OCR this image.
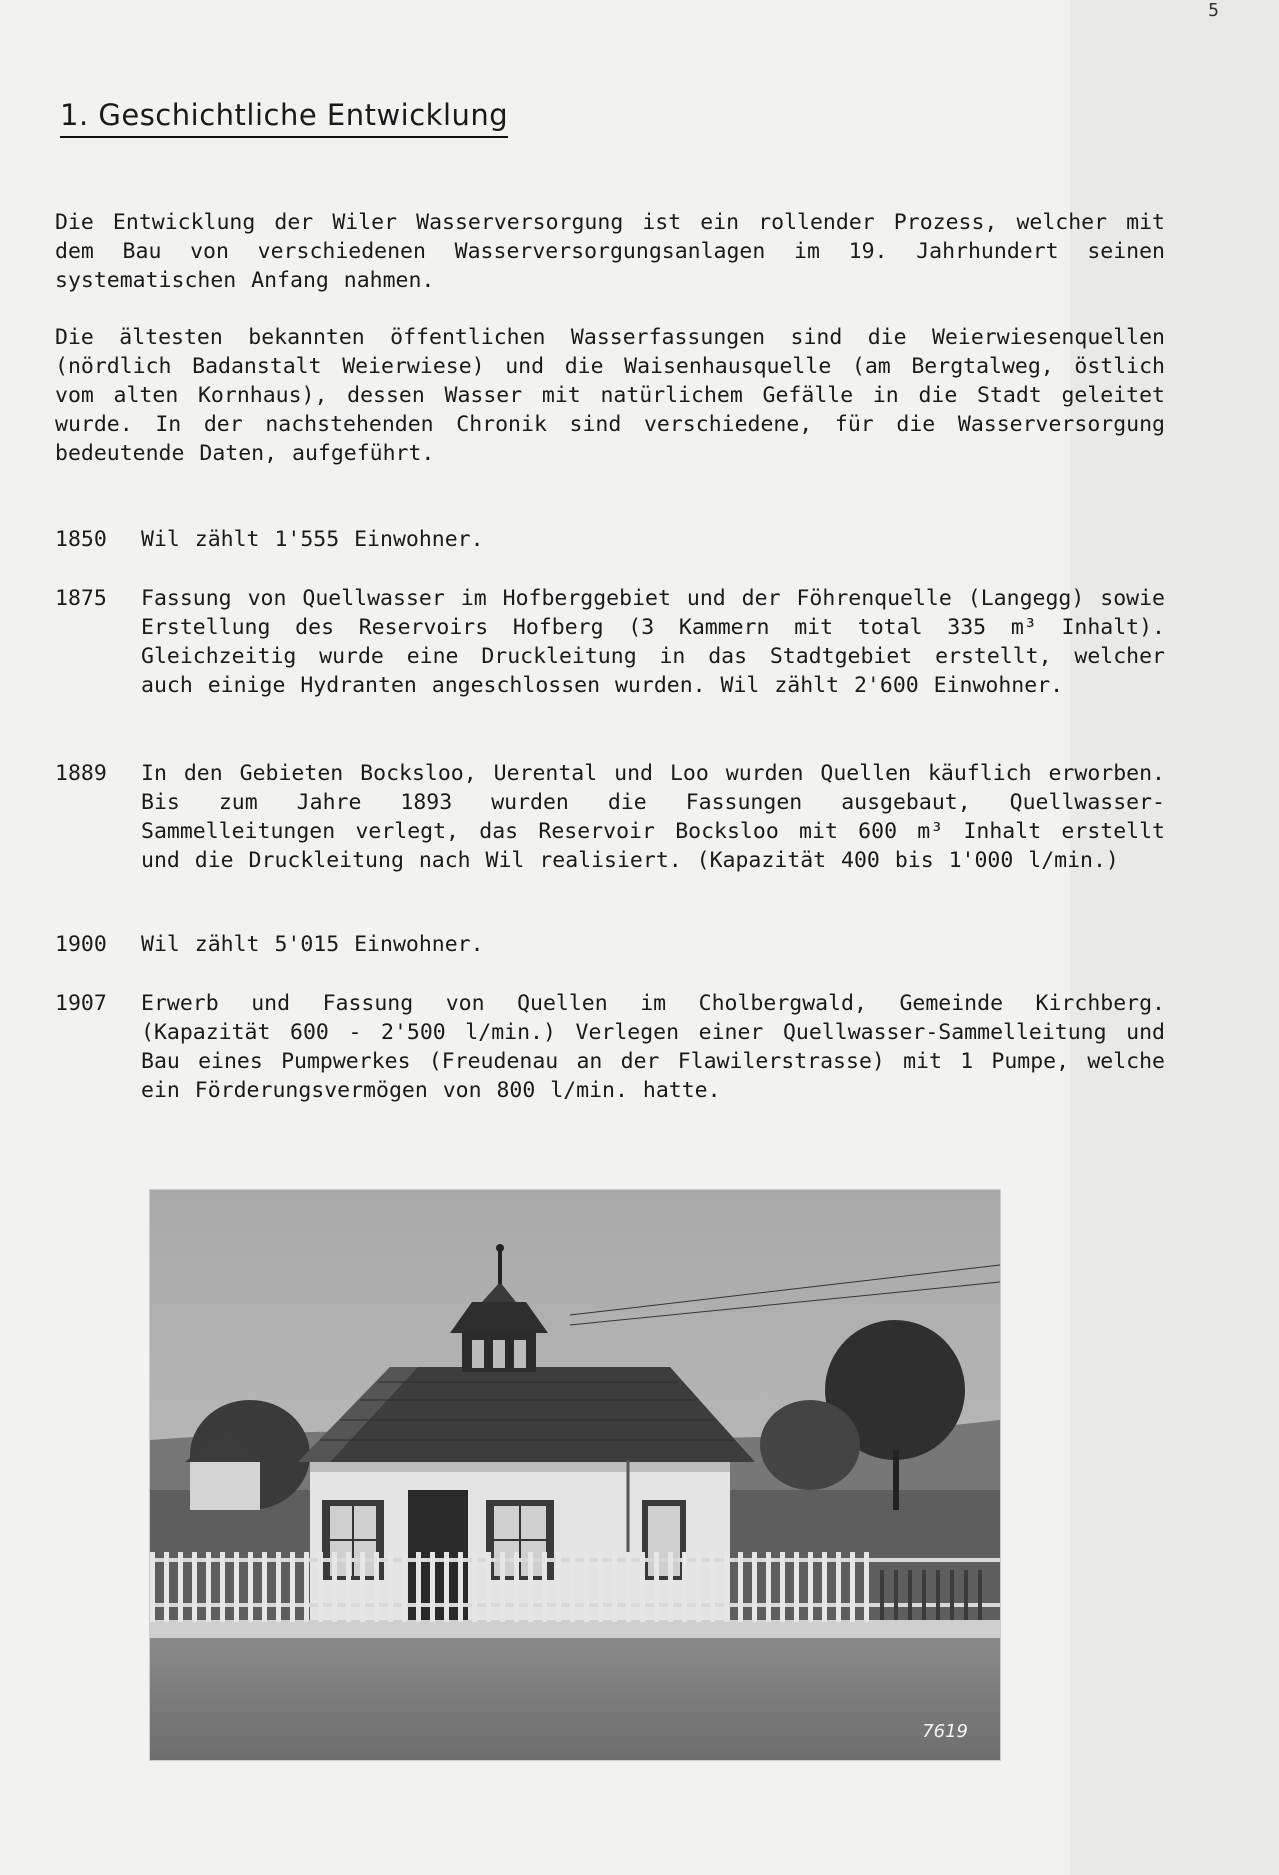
5
1. Geschichtliche Entwicklung
Die Entwicklung der Wiler Wasserversorgung ist ein rollender Prozess, welcher mit dem Bau von verschiedenen Wasserversorgungsanlagen im 19. Jahrhundert seinen systematischen Anfang nahmen.
Die ältesten bekannten öffentlichen Wasserfassungen sind die Weierwiesenquellen (nördlich Badanstalt Weierwiese) und die Waisenhausquelle (am Bergtalweg, östlich vom alten Kornhaus), dessen Wasser mit natürlichem Gefälle in die Stadt geleitet wurde. In der nachstehenden Chronik sind verschiedene, für die Wasserversorgung bedeutende Daten, aufgeführt.
1850	Wil zählt 1'555 Einwohner.
1875	Fassung von Quellwasser im Hofberggebiet und der Föhrenquelle (Langegg) sowie Erstellung des Reservoirs Hofberg (3 Kammern mit total 335 m³ Inhalt). Gleichzeitig wurde eine Druckleitung in das Stadtgebiet erstellt, welcher auch einige Hydranten angeschlossen wurden. Wil zählt 2'600 Einwohner.
1889	In den Gebieten Bocksloo, Uerental und Loo wurden Quellen käuflich erworben. Bis zum Jahre 1893 wurden die Fassungen ausgebaut, Quellwasser-Sammelleitungen verlegt, das Reservoir Bocksloo mit 600 m³ Inhalt erstellt und die Druckleitung nach Wil realisiert. (Kapazität 400 bis 1'000 l/min.)
1900	Wil zählt 5'015 Einwohner.
1907	Erwerb und Fassung von Quellen im Cholbergwald, Gemeinde Kirchberg. (Kapazität 600 - 2'500 l/min.) Verlegen einer Quellwasser-Sammelleitung und Bau eines Pumpwerkes (Freudenau an der Flawilerstrasse) mit 1 Pumpe, welche ein Förderungsvermögen von 800 l/min. hatte.
7619
